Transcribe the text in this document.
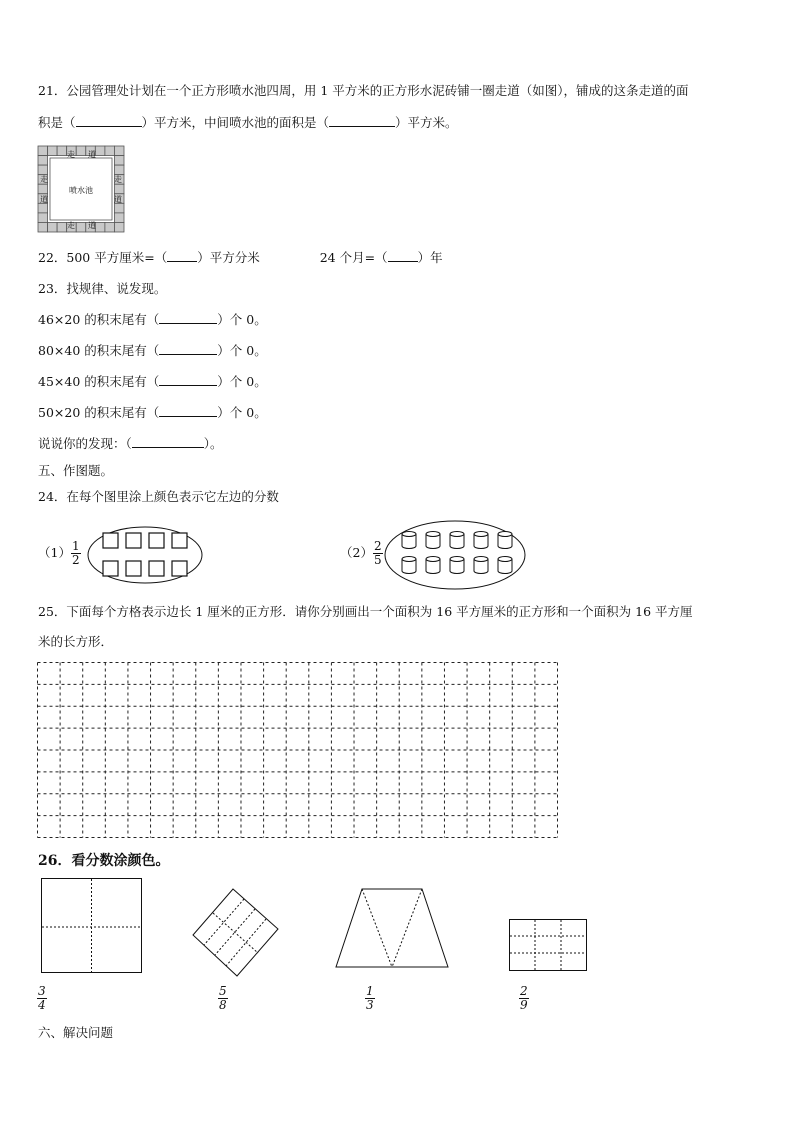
21．公园管理处计划在一个正方形喷水池四周，用 1 平方米的正方形水泥砖铺一圈走道（如图），铺成的这条走道的面
积是（	）平方米，中间喷水池的面积是（	）平方米。
喷水池
走 道
走 道
走
道
走
道
22．500 平方厘米=（ ）平方分米	24 个月=（ ）年
23．找规律、说发现。
46×20 的积末尾有（	）个 0。
80×40 的积末尾有（	）个 0。
45×40 的积末尾有（	）个 0。
50×20 的积末尾有（	）个 0。
说说你的发现：（	）。
五、作图题。
24．在每个图里涂上颜色表示它左边的分数
$(1) \frac{1}{2}$	$(2) \frac{2}{5}$
25．下面每个方格表示边长 1 厘米的正方形．请你分别画出一个面积为 16 平方厘米的正方形和一个面积为 16 平方厘
米的长方形．
26．看分数涂颜色。
$\frac{3}{4}$	$\frac{5}{8}$	$\frac{1}{3}$	$\frac{2}{9}$
六、解决问题
